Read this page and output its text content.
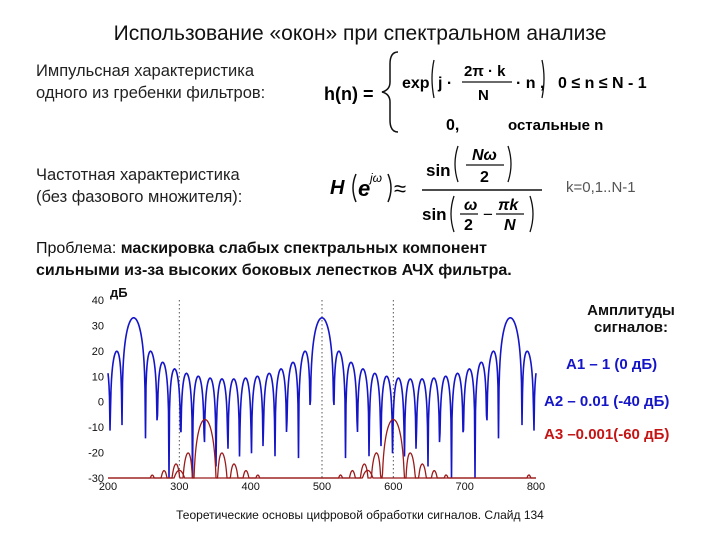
Использование «окон» при спектральном анализе
Импульсная характеристика
одного из гребенки фильтров:	h(n) =
exp j ·
2π · k
N
· n , 0 ≤ n ≤ N - 1
0,	остальные n
Частотная характеристика
(без фазового множителя):	H e jω ≈
sin
Nω
2
sin ω
2
− πk
N
k=0,1..N-1
Проблема: маскировка слабых спектральных компонент
сильными из-за высоких боковых лепестков АЧХ фильтра.
дБ
40
30
20
10
0
-10
-20
-30
200	300	400	500	600	700	800
Амплитуды
сигналов:
А1 – 1 (0 дБ)
А2 – 0.01 (-40 дБ)
А3 –0.001(-60 дБ)
Теоретические основы цифровой обработки сигналов. Слайд 134
